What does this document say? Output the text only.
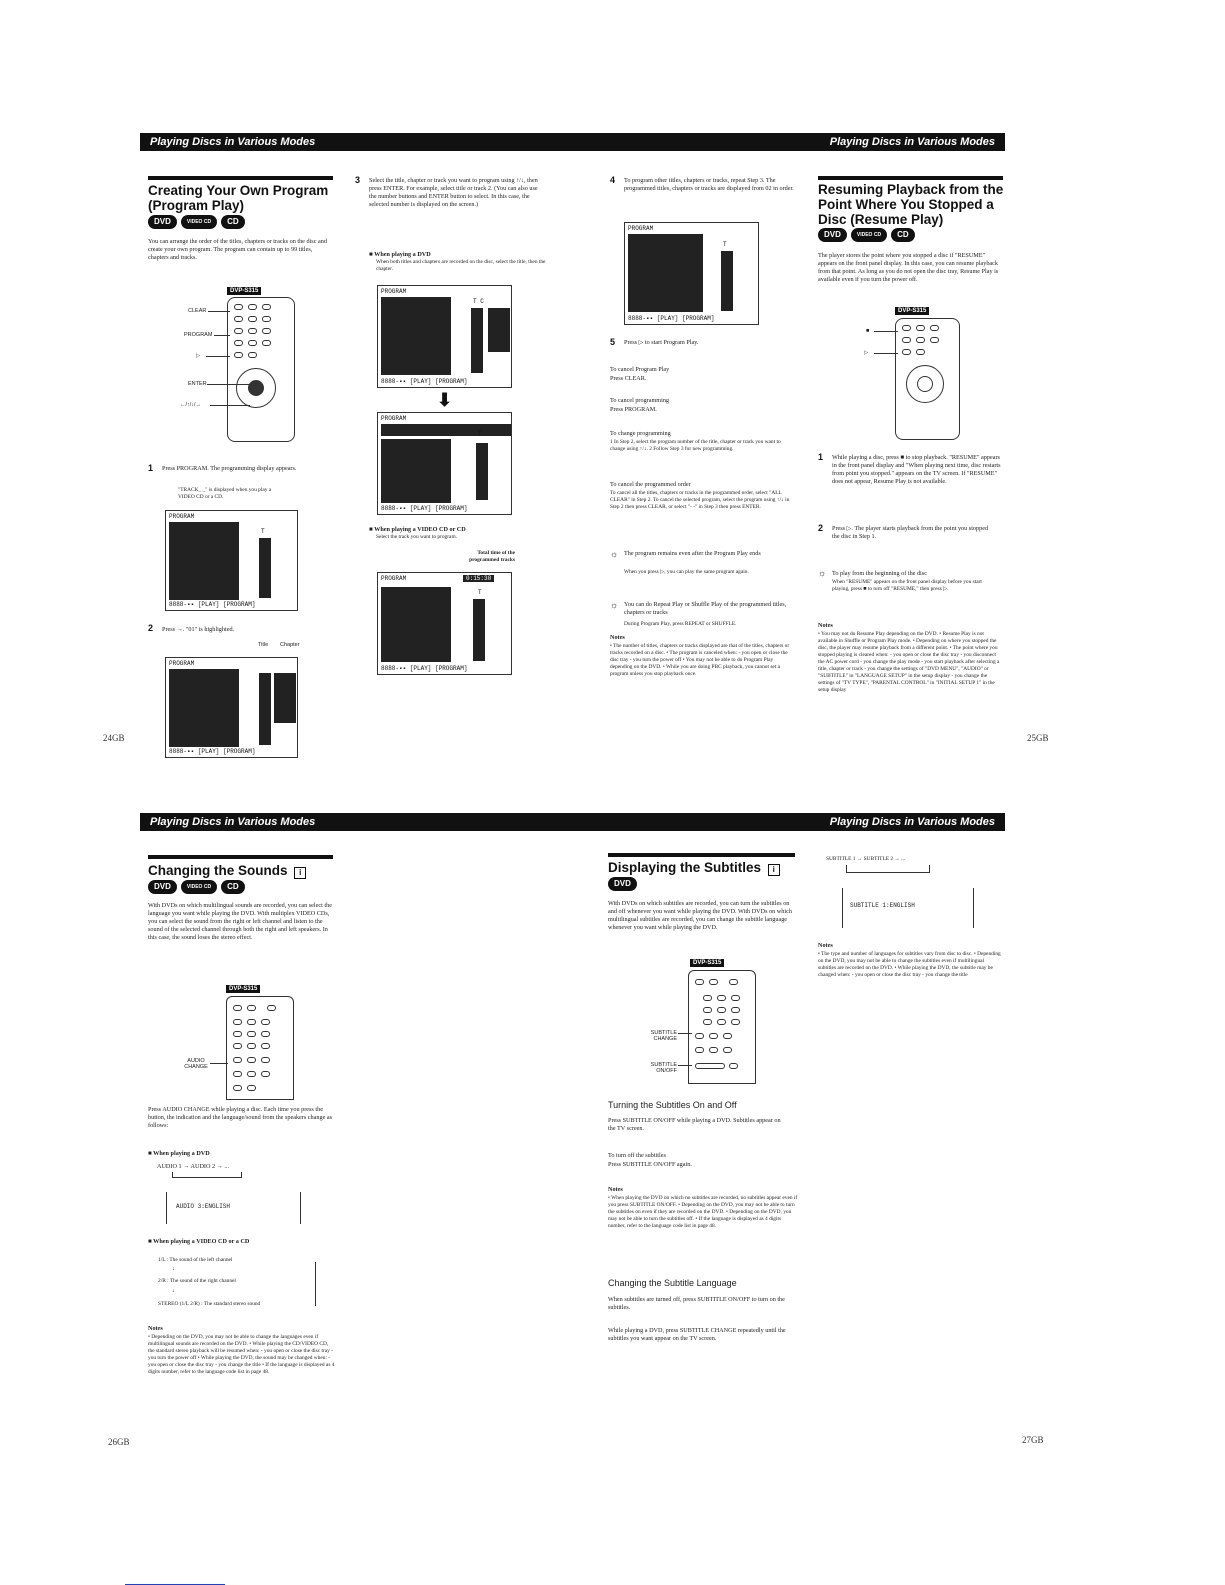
Playing Discs in Various Modes	Playing Discs in Various Modes
Creating Your Own Program (Program Play)
DVD	VIDEO CD	CD
You can arrange the order of the titles, chapters or tracks on the disc and create your own program. The program can contain up to 99 titles, chapters and tracks.
DVP-S315
CLEAR
PROGRAM
▷
ENTER
←/↑/↓/→
1 Press PROGRAM. The programming display appears.
"TRACK_ _" is displayed when you play a VIDEO CD or a CD.
PROGRAM
T
8888-▪▪ [PLAY] [PROGRAM]
2 Press →. "01" is highlighted.
Title Chapter
PROGRAM
8888-▪▪ [PLAY] [PROGRAM]
24GB
3 Select the title, chapter or track you want to program using ↑/↓, then press ENTER. For example, select title or track 2. (You can also use the number buttons and ENTER button to select. In this case, the selected number is displayed on the screen.)
■ When playing a DVD
When both titles and chapters are recorded on the disc, select the title, then the chapter.
PROGRAM
T C
8888-▪▪ [PLAY] [PROGRAM]
⬇
PROGRAM
T
8888-▪▪ [PLAY] [PROGRAM]
■ When playing a VIDEO CD or CD
Select the track you want to program.
Total time of the programmed tracks
PROGRAM	0:15:30
T
8888-▪▪ [PLAY] [PROGRAM]
4 To program other titles, chapters or tracks, repeat Step 3. The programmed titles, chapters or tracks are displayed from 02 in order.
PROGRAM
T
8888-▪▪ [PLAY] [PROGRAM]
5 Press ▷ to start Program Play.
To cancel Program Play
Press CLEAR.
To cancel programming
Press PROGRAM.
To change programming
1 In Step 2, select the program number of the title, chapter or track you want to change using ↑/↓. 2 Follow Step 3 for new programming.
To cancel the programmed order
To cancel all the titles, chapters or tracks in the programmed order, select "ALL CLEAR" in Step 2. To cancel the selected program, select the program using ↑/↓ in Step 2 then press CLEAR, or select "- -" in Step 3 then press ENTER.
☼ The program remains even after the Program Play ends
When you press ▷, you can play the same program again.
☼ You can do Repeat Play or Shuffle Play of the programmed titles, chapters or tracks
During Program Play, press REPEAT or SHUFFLE.
Notes
• The number of titles, chapters or tracks displayed are that of the titles, chapters or tracks recorded on a disc. • The program is canceled when: - you open or close the disc tray - you turn the power off • You may not be able to do Program Play depending on the DVD. • While you are doing PBC playback, you cannot set a program unless you stop playback once.
Resuming Playback from the Point Where You Stopped a Disc (Resume Play)
DVD	VIDEO CD	CD
The player stores the point where you stopped a disc if "RESUME" appears on the front panel display. In this case, you can resume playback from that point. As long as you do not open the disc tray, Resume Play is available even if you turn the power off.
DVP-S315
■
▷
1 While playing a disc, press ■ to stop playback. "RESUME" appears in the front panel display and "When playing next time, disc restarts from point you stopped." appears on the TV screen. If "RESUME" does not appear, Resume Play is not available.
2 Press ▷. The player starts playback from the point you stopped the disc in Step 1.
☼ To play from the beginning of the disc
When "RESUME" appears on the front panel display before you start playing, press ■ to turn off "RESUME," then press ▷.
Notes
• You may not do Resume Play depending on the DVD. • Resume Play is not available in Shuffle or Program Play mode. • Depending on where you stopped the disc, the player may resume playback from a different point. • The point where you stopped playing is cleared when: - you open or close the disc tray - you disconnect the AC power cord - you change the play mode - you start playback after selecting a title, chapter or track - you change the settings of "DVD MENU", "AUDIO" or "SUBTITLE" in "LANGUAGE SETUP" in the setup display - you change the settings of "TV TYPE", "PARENTAL CONTROL" in "INITIAL SETUP 1" in the setup display
25GB
Playing Discs in Various Modes	Playing Discs in Various Modes
Changing the Sounds i
DVD	VIDEO CD	CD
With DVDs on which multilingual sounds are recorded, you can select the language you want while playing the DVD. With multiplex VIDEO CDs, you can select the sound from the right or left channel and listen to the sound of the selected channel through both the right and left speakers. In this case, the sound loses the stereo effect.
DVP-S315
AUDIO CHANGE
Press AUDIO CHANGE while playing a disc. Each time you press the button, the indication and the language/sound from the speakers change as follows:
■ When playing a DVD
AUDIO 1 → AUDIO 2 → ...
AUDIO 3:ENGLISH
■ When playing a VIDEO CD or a CD
1/L : The sound of the left channel
↓
2/R : The sound of the right channel
↓
STEREO (1/L 2/R) : The standard stereo sound
Notes
• Depending on the DVD, you may not be able to change the languages even if multilingual sounds are recorded on the DVD. • While playing the CD/VIDEO CD, the standard stereo playback will be resumed when: - you open or close the disc tray - you turn the power off • While playing the DVD, the sound may be changed when: - you open or close the disc tray - you change the title • If the language is displayed as 4 digits number, refer to the language code list in page 48.
26GB
Displaying the Subtitles i
DVD
With DVDs on which subtitles are recorded, you can turn the subtitles on and off whenever you want while playing the DVD. With DVDs on which multilingual subtitles are recorded, you can change the subtitle language whenever you want while playing the DVD.
DVP-S315
SUBTITLE CHANGE
SUBTITLE ON/OFF
Turning the Subtitles On and Off
Press SUBTITLE ON/OFF while playing a DVD. Subtitles appear on the TV screen.
To turn off the subtitles
Press SUBTITLE ON/OFF again.
Notes
• When playing the DVD on which no subtitles are recorded, no subtitles appear even if you press SUBTITLE ON/OFF. • Depending on the DVD, you may not be able to turn the subtitles on even if they are recorded on the DVD. • Depending on the DVD, you may not be able to turn the subtitles off. • If the language is displayed as 4 digits number, refer to the language code list in page 48.
Changing the Subtitle Language
When subtitles are turned off, press SUBTITLE ON/OFF to turn on the subtitles.
While playing a DVD, press SUBTITLE CHANGE repeatedly until the subtitles you want appear on the TV screen.
SUBTITLE 1 → SUBTITLE 2 → ...
SUBTITLE 1:ENGLISH
Notes
• The type and number of languages for subtitles vary from disc to disc. • Depending on the DVD, you may not be able to change the subtitles even if multilingual subtitles are recorded on the DVD. • While playing the DVD, the subtitle may be changed when: - you open or close the disc tray - you change the title
27GB
